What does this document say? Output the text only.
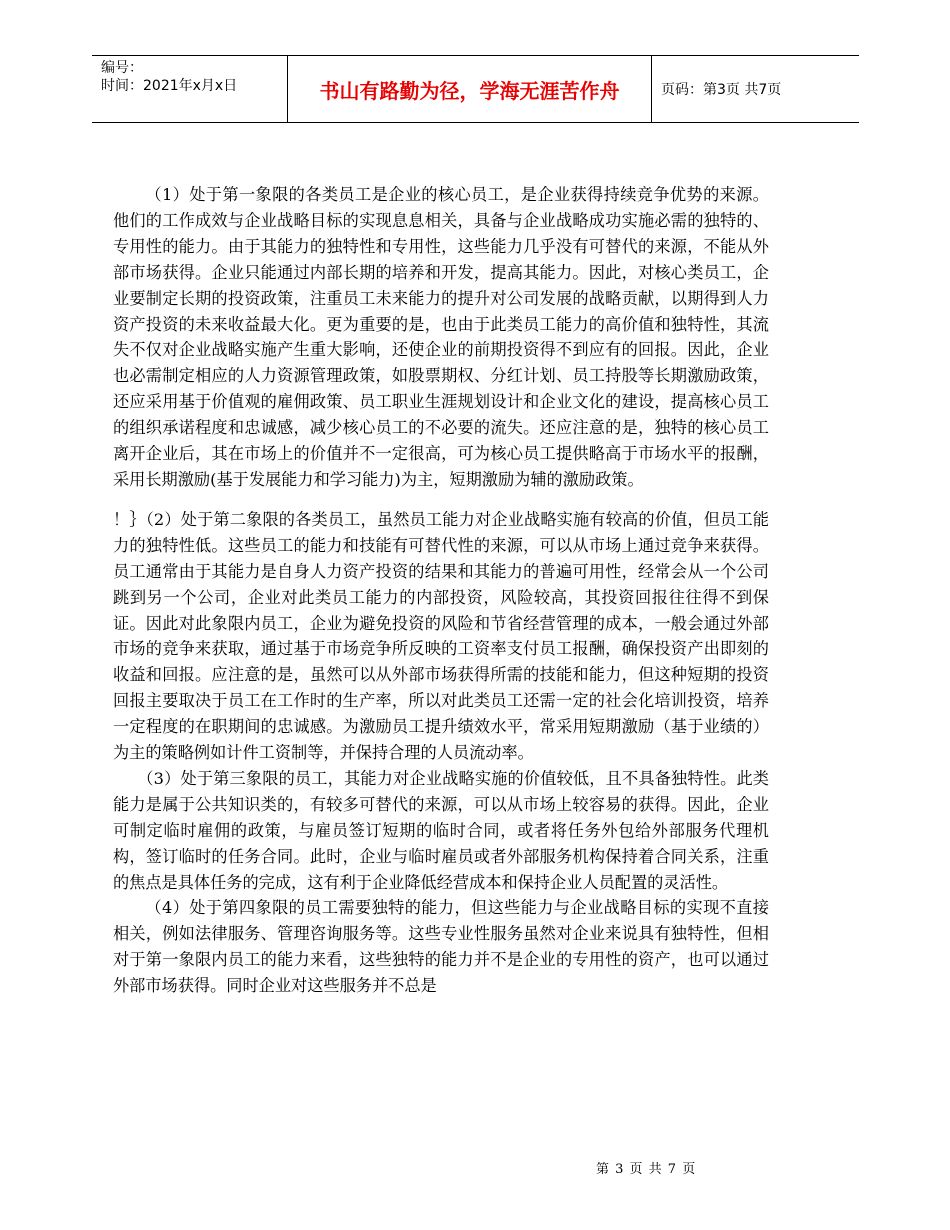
编号：
时间：2021年x月x日	书山有路勤为径，学海无涯苦作舟	页码：第3页 共7页

（1）处于第一象限的各类员工是企业的核心员工，是企业获得持续竞争优势的来源。他们的工作成效与企业战略目标的实现息息相关，具备与企业战略成功实施必需的独特的、专用性的能力。由于其能力的独特性和专用性，这些能力几乎没有可替代的来源，不能从外部市场获得。企业只能通过内部长期的培养和开发，提高其能力。因此，对核心类员工，企业要制定长期的投资政策，注重员工未来能力的提升对公司发展的战略贡献，以期得到人力资产投资的未来收益最大化。更为重要的是，也由于此类员工能力的高价值和独特性，其流失不仅对企业战略实施产生重大影响，还使企业的前期投资得不到应有的回报。因此，企业也必需制定相应的人力资源管理政策，如股票期权、分红计划、员工持股等长期激励政策，还应采用基于价值观的雇佣政策、员工职业生涯规划设计和企业文化的建设，提高核心员工的组织承诺程度和忠诚感，减少核心员工的不必要的流失。还应注意的是，独特的核心员工离开企业后，其在市场上的价值并不一定很高，可为核心员工提供略高于市场水平的报酬，采用长期激励(基于发展能力和学习能力)为主，短期激励为辅的激励政策。

！｝（2）处于第二象限的各类员工，虽然员工能力对企业战略实施有较高的价值，但员工能力的独特性低。这些员工的能力和技能有可替代性的来源，可以从市场上通过竞争来获得。员工通常由于其能力是自身人力资产投资的结果和其能力的普遍可用性，经常会从一个公司跳到另一个公司，企业对此类员工能力的内部投资，风险较高，其投资回报往往得不到保证。因此对此象限内员工，企业为避免投资的风险和节省经营管理的成本，一般会通过外部市场的竞争来获取，通过基于市场竞争所反映的工资率支付员工报酬，确保投资产出即刻的收益和回报。应注意的是，虽然可以从外部市场获得所需的技能和能力，但这种短期的投资回报主要取决于员工在工作时的生产率，所以对此类员工还需一定的社会化培训投资，培养一定程度的在职期间的忠诚感。为激励员工提升绩效水平，常采用短期激励（基于业绩的）为主的策略例如计件工资制等，并保持合理的人员流动率。

（3）处于第三象限的员工，其能力对企业战略实施的价值较低，且不具备独特性。此类能力是属于公共知识类的，有较多可替代的来源，可以从市场上较容易的获得。因此，企业可制定临时雇佣的政策，与雇员签订短期的临时合同，或者将任务外包给外部服务代理机构，签订临时的任务合同。此时，企业与临时雇员或者外部服务机构保持着合同关系，注重的焦点是具体任务的完成，这有利于企业降低经营成本和保持企业人员配置的灵活性。

（4）处于第四象限的员工需要独特的能力，但这些能力与企业战略目标的实现不直接相关，例如法律服务、管理咨询服务等。这些专业性服务虽然对企业来说具有独特性，但相对于第一象限内员工的能力来看，这些独特的能力并不是企业的专用性的资产，也可以通过外部市场获得。同时企业对这些服务并不总是

第 3 页 共 7 页
